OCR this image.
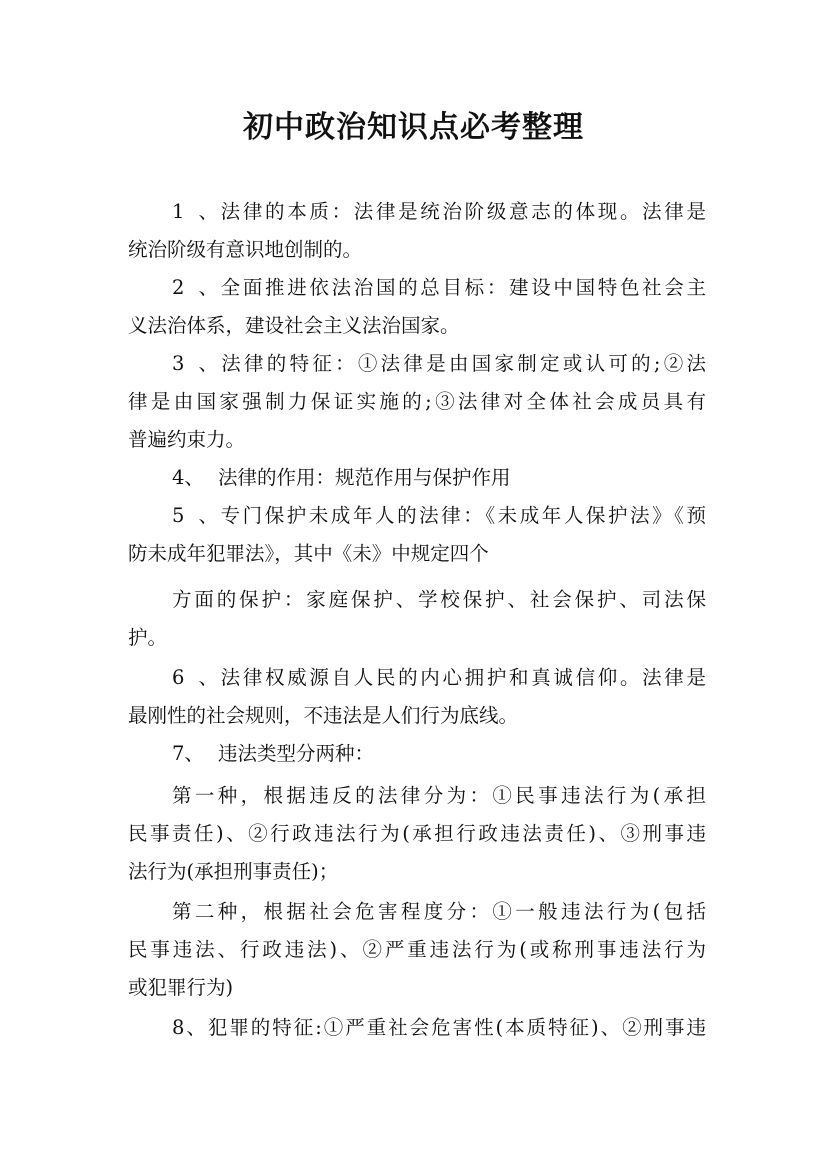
初中政治知识点必考整理
1、法律的本质：法律是统治阶级意志的体现。法律是
统治阶级有意识地创制的。
2、全面推进依法治国的总目标：建设中国特色社会主
义法治体系，建设社会主义法治国家。
3、法律的特征：①法律是由国家制定或认可的;②法
律是由国家强制力保证实施的;③法律对全体社会成员具有
普遍约束力。
4、 法律的作用：规范作用与保护作用
5、专门保护未成年人的法律：《未成年人保护法》《预
防未成年犯罪法》，其中《未》中规定四个
方面的保护：家庭保护、学校保护、社会保护、司法保
护。
6、法律权威源自人民的内心拥护和真诚信仰。法律是
最刚性的社会规则，不违法是人们行为底线。
7、 违法类型分两种：
第一种，根据违反的法律分为：①民事违法行为(承担
民事责任)、②行政违法行为(承担行政违法责任)、③刑事违
法行为(承担刑事责任)；
第二种，根据社会危害程度分：①一般违法行为(包括
民事违法、行政违法)、②严重违法行为(或称刑事违法行为
或犯罪行为)
8、犯罪的特征:①严重社会危害性(本质特征)、②刑事违
